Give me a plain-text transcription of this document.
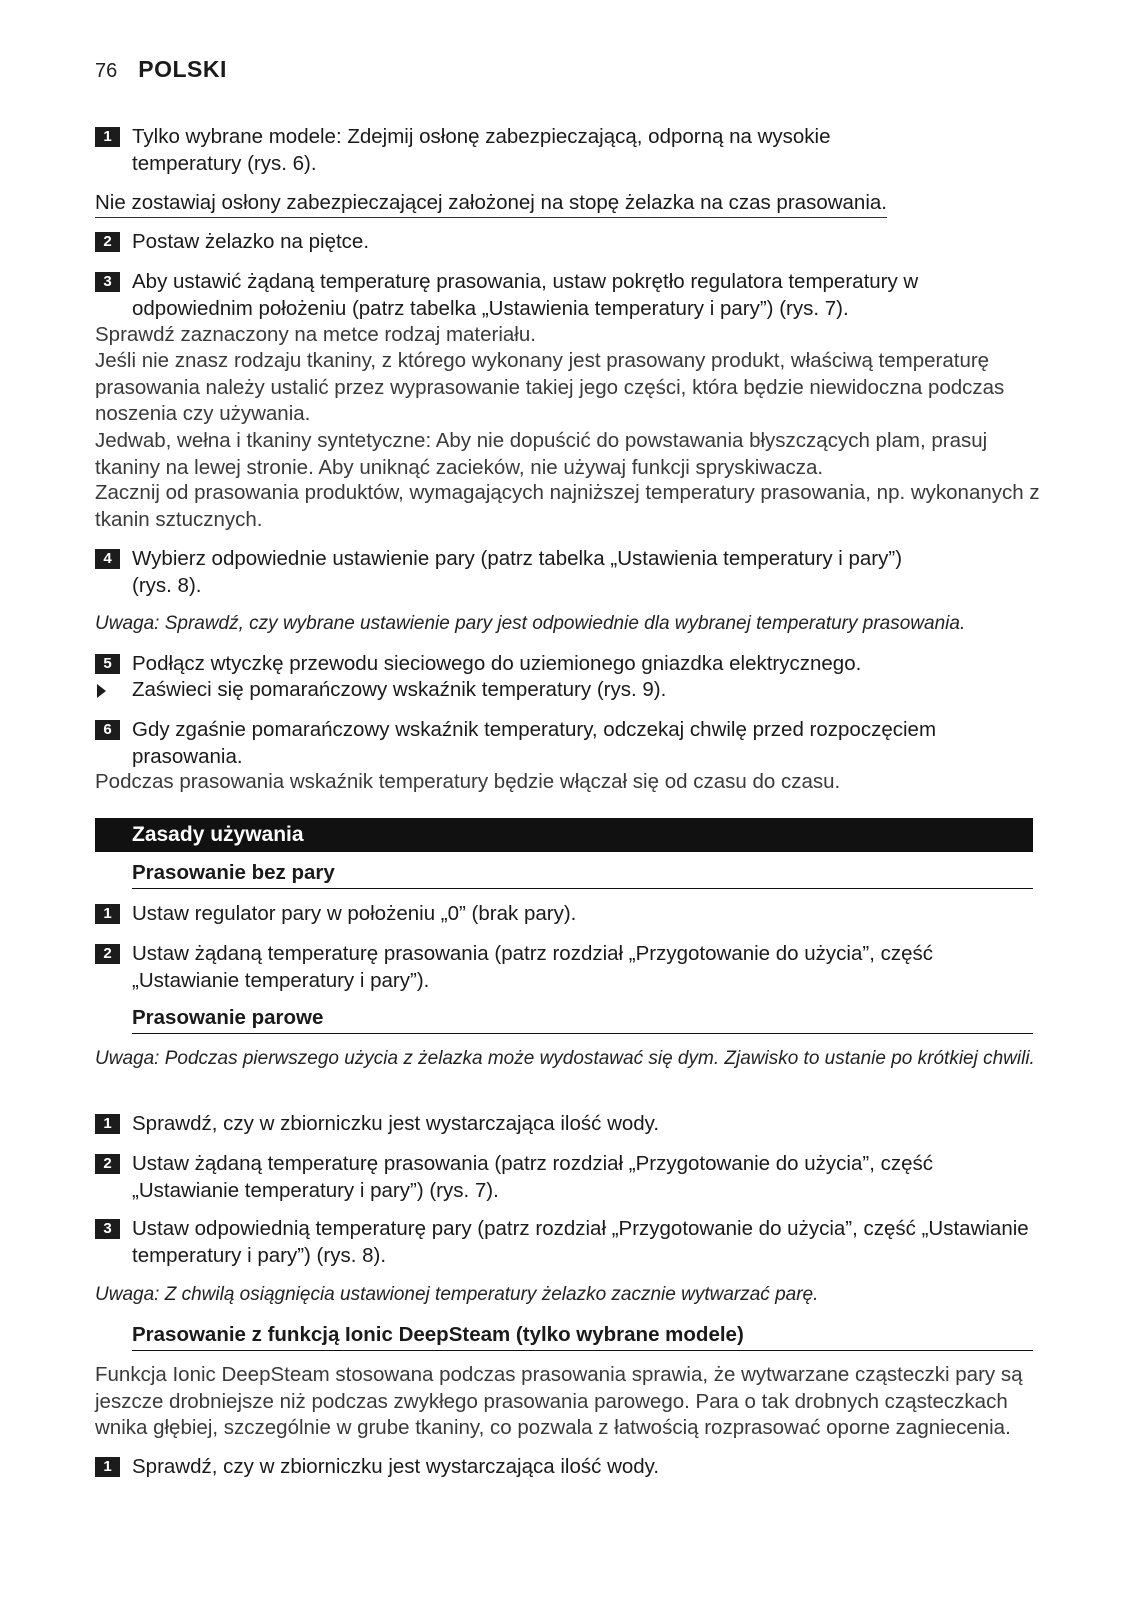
76 POLSKI
1 Tylko wybrane modele: Zdejmij osłonę zabezpieczającą, odporną na wysokie temperatury (rys. 6).
Nie zostawiaj osłony zabezpieczającej założonej na stopę żelazka na czas prasowania.
2 Postaw żelazko na piętce.
3 Aby ustawić żądaną temperaturę prasowania, ustaw pokrętło regulatora temperatury w odpowiednim położeniu (patrz tabelka „Ustawienia temperatury i pary”) (rys. 7).
Sprawdź zaznaczony na metce rodzaj materiału.
Jeśli nie znasz rodzaju tkaniny, z którego wykonany jest prasowany produkt, właściwą temperaturę prasowania należy ustalić przez wyprasowanie takiej jego części, która będzie niewidoczna podczas noszenia czy używania.
Jedwab, wełna i tkaniny syntetyczne: Aby nie dopuścić do powstawania błyszczących plam, prasuj tkaniny na lewej stronie. Aby uniknąć zacieków, nie używaj funkcji spryskiwacza.
Zacznij od prasowania produktów, wymagających najniższej temperatury prasowania, np. wykonanych z tkanin sztucznych.
4 Wybierz odpowiednie ustawienie pary (patrz tabelka „Ustawienia temperatury i pary”) (rys. 8).
Uwaga: Sprawdź, czy wybrane ustawienie pary jest odpowiednie dla wybranej temperatury prasowania.
5 Podłącz wtyczkę przewodu sieciowego do uziemionego gniazdka elektrycznego.
Zaświeci się pomarańczowy wskaźnik temperatury (rys. 9).
6 Gdy zgaśnie pomarańczowy wskaźnik temperatury, odczekaj chwilę przed rozpoczęciem prasowania.
Podczas prasowania wskaźnik temperatury będzie włączał się od czasu do czasu.
Zasady używania
Prasowanie bez pary
1 Ustaw regulator pary w położeniu „0” (brak pary).
2 Ustaw żądaną temperaturę prasowania (patrz rozdział „Przygotowanie do użycia”, część „Ustawianie temperatury i pary”).
Prasowanie parowe
Uwaga: Podczas pierwszego użycia z żelazka może wydostawać się dym. Zjawisko to ustanie po krótkiej chwili.
1 Sprawdź, czy w zbiorniczku jest wystarczająca ilość wody.
2 Ustaw żądaną temperaturę prasowania (patrz rozdział „Przygotowanie do użycia”, część „Ustawianie temperatury i pary”) (rys. 7).
3 Ustaw odpowiednią temperaturę pary (patrz rozdział „Przygotowanie do użycia”, część „Ustawianie temperatury i pary”) (rys. 8).
Uwaga: Z chwilą osiągnięcia ustawionej temperatury żelazko zacznie wytwarzać parę.
Prasowanie z funkcją Ionic DeepSteam (tylko wybrane modele)
Funkcja Ionic DeepSteam stosowana podczas prasowania sprawia, że wytwarzane cząsteczki pary są jeszcze drobniejsze niż podczas zwykłego prasowania parowego. Para o tak drobnych cząsteczkach wnika głębiej, szczególnie w grube tkaniny, co pozwala z łatwością rozprasować oporne zagniecenia.
1 Sprawdź, czy w zbiorniczku jest wystarczająca ilość wody.
